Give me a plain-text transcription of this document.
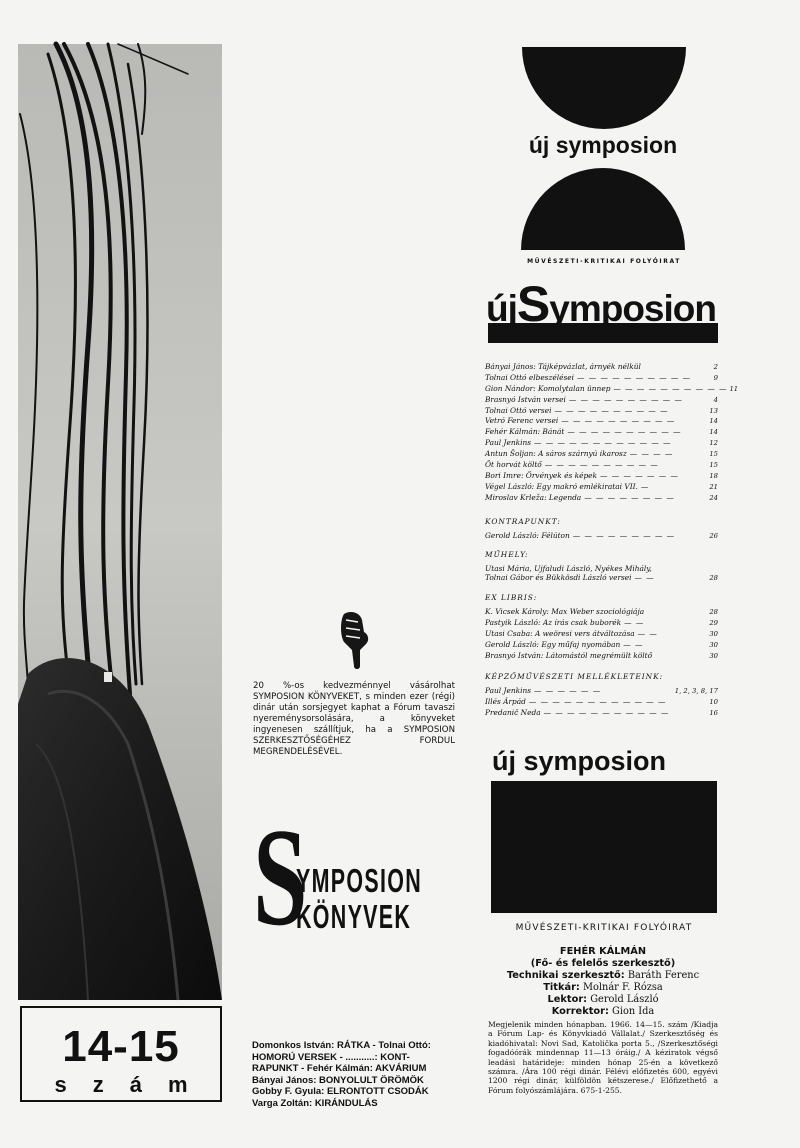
14-15
szám
Domonkos István: RÁTKA - Tolnai Ottó:
HOMORÚ VERSEK - ...........: KONT-
RAPUNKT - Fehér Kálmán: AKVÁRIUM
Bányai János: BONYOLULT ÖRÖMÖK
Gobby F. Gyula: ELRONTOTT CSODÁK
Varga Zoltán: KIRÁNDULÁS
20 %-os kedvezménnyel vásárolhat SYMPOSION KÖNYVEKET, s minden ezer (régi) dinár után sorsjegyet kaphat a Fórum tavaszi nyereménysorsolására, a könyveket ingyenesen szállítjuk, ha a SYMPOSION SZERKESZTŐSÉGÉHEZ FORDUL MEGRENDELÉSÉVEL.
S
YMPOSION
KÖNYVEK
új symposion
MŰVÉSZETI-KRITIKAI FOLYÓIRAT
újSymposion
Bányai János: Tájképvázlat, árnyék nélkül	2
Tolnai Ottó elbeszélései — — — — — — — — — —	9
Gion Nándor: Komolytalan ünnep — — — — — — — — — — 11
Brasnyó István versei — — — — — — — — — —	4
Tolnai Ottó versei — — — — — — — — — —	13
Vetró Ferenc versei — — — — — — — — — —	14
Fehér Kálmán: Bánát — — — — — — — — — —	14
Paul Jenkins — — — — — — — — — — — —	12
Antun Šoljan: A sáros szárnyú ikarosz — — — —	15
Öt horvát költő — — — — — — — — — —	15
Bori Imre: Örvények és képek — — — — — — —	18
Végel László: Egy makró emlékiratai VII. —	21
Miroslav Krleža: Legenda — — — — — — — —	24
KONTRAPUNKT:
Gerold László: Félúton — — — — — — — — —	26
MŰHELY:
Utasi Mária, Ujfaludi László, Nyékes Mihály,
Tolnai Gábor és Bükkösdi László versei — —	28
EX LIBRIS:
K. Vicsek Károly: Max Weber szociológiája	28
Pastyik László: Az írás csak buborék — —	29
Utasi Csaba: A weöresi vers átváltozása — —	30
Gerold László: Egy műfaj nyomában — —	30
Brasnyó István: Látomástól megrémült költő	30
KÉPZŐMŰVÉSZETI MELLÉKLETEINK:
Paul Jenkins — — — — — —	1, 2, 3, 8, 17
Illés Árpád — — — — — — — — — — — —	10
Predanič Neda — — — — — — — — — — —	16
új symposion
MŰVÉSZETI-KRITIKAI FOLYÓIRAT
FEHÉR KÁLMÁN
(Fő- és felelős szerkesztő)
Technikai szerkesztő: Baráth Ferenc
Titkár: Molnár F. Rózsa
Lektor: Gerold László
Korrektor: Gion Ida
Megjelenik minden hónapban. 1966. 14—15. szám /Kiadja a Fórum Lap- és Könyvkiadó Vállalat./ Szerkesztőség és kiadóhivatal: Novi Sad, Katolička porta 5., /Szerkesztőségi fogadóórák mindennap 11—13 óráig./ A kéziratok végső leadási határideje: minden hónap 25-én a következő számra. /Ára 100 régi dinár. Félévi előfizetés 600, egyévi 1200 régi dinár, külföldön kétszerese./ Előfizethető a Fórum folyószámlájára. 675-1-255.
